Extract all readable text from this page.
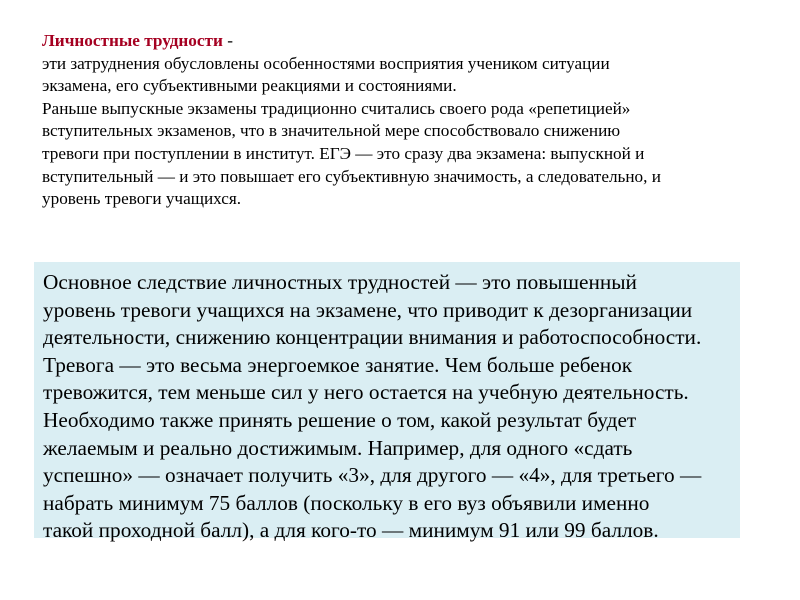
Личностные трудности -

эти затруднения обусловлены особенностями восприятия учеником ситуации

экзамена, его субъективными реакциями и состояниями.

Раньше выпускные экзамены традиционно считались своего рода «репетицией»

вступительных экзаменов, что в значительной мере способствовало снижению

тревоги при поступлении в институт. ЕГЭ — это сразу два экзамена: выпускной и

вступительный — и это повышает его субъективную значимость, а следовательно, и

уровень тревоги учащихся.

Основное следствие личностных трудностей — это повышенный

уровень тревоги учащихся на экзамене, что приводит к дезорганизации

деятельности, снижению концентрации внимания и работоспособности.

Тревога — это весьма энергоемкое занятие. Чем больше ребенок

тревожится, тем меньше сил у него остается на учебную деятельность.

Необходимо также принять решение о том, какой результат будет

желаемым и реально достижимым. Например, для одного «сдать

успешно» — означает получить «3», для другого — «4», для третьего —

набрать минимум 75 баллов (поскольку в его вуз объявили именно

такой проходной балл), а для кого-то — минимум 91 или 99 баллов.
